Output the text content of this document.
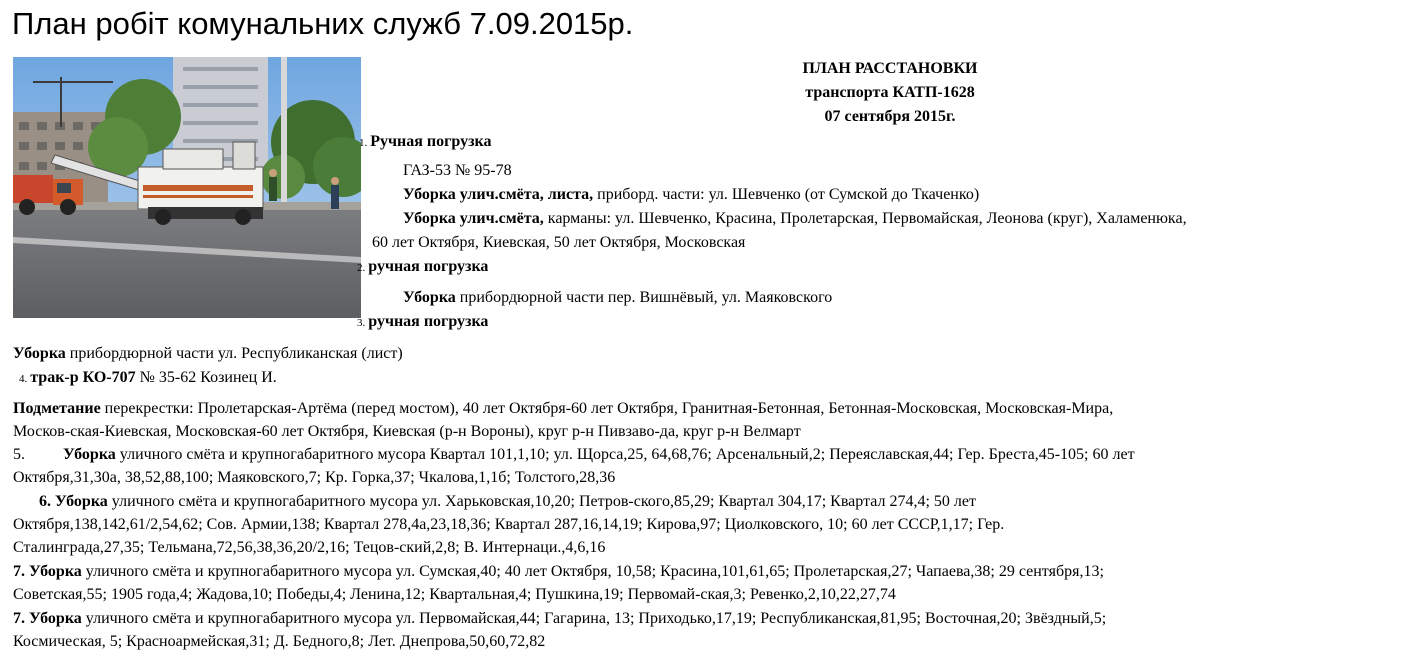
План робіт комунальних служб 7.09.2015р.
ПЛАН РАССТАНОВКИ
транспорта КАТП-1628
07 сентября 2015г.
1. Ручная погрузка
ГАЗ-53 № 95-78
Уборка улич.смёта, листа, приборд. части: ул. Шевченко (от Сумской до Ткаченко)
Уборка улич.смёта, карманы: ул. Шевченко, Красина, Пролетарская, Первомайская, Леонова (круг), Халаменюка,
60 лет Октября, Киевская, 50 лет Октября, Московская
2. ручная погрузка
Уборка прибордюрной части пер. Вишнёвый, ул. Маяковского
3. ручная погрузка
Уборка прибордюрной части ул. Республиканская (лист)
4. трак-р КО-707 № 35-62 Козинец И.
Подметание перекрестки: Пролетарская-Артёма (перед мостом), 40 лет Октября-60 лет Октября, Гранитная-Бетонная, Бетонная-Московская, Московская-Мира,
Москов-ская-Киевская, Московская-60 лет Октября, Киевская (р-н Вороны), круг р-н Пивзаво-да, круг р-н Велмарт
5. Уборка уличного смёта и крупногабаритного мусора Квартал 101,1,10; ул. Щорса,25, 64,68,76; Арсенальный,2; Переяславская,44; Гер. Бреста,45-105; 60 лет
Октября,31,30а, 38,52,88,100; Маяковского,7; Кр. Горка,37; Чкалова,1,1б; Толстого,28,36
6. Уборка уличного смёта и крупногабаритного мусора ул. Харьковская,10,20; Петров-ского,85,29; Квартал 304,17; Квартал 274,4; 50 лет
Октября,138,142,61/2,54,62; Сов. Армии,138; Квартал 278,4а,23,18,36; Квартал 287,16,14,19; Кирова,97; Циолковского, 10; 60 лет СССР,1,17; Гер.
Сталинграда,27,35; Тельмана,72,56,38,36,20/2,16; Тецов-ский,2,8; В. Интернаци.,4,6,16
7. Уборка уличного смёта и крупногабаритного мусора ул. Сумская,40; 40 лет Октября, 10,58; Красина,101,61,65; Пролетарская,27; Чапаева,38; 29 сентября,13;
Советская,55; 1905 года,4; Жадова,10; Победы,4; Ленина,12; Квартальная,4; Пушкина,19; Первомай-ская,3; Ревенко,2,10,22,27,74
7. Уборка уличного смёта и крупногабаритного мусора ул. Первомайская,44; Гагарина, 13; Приходько,17,19; Республиканская,81,95; Восточная,20; Звёздный,5;
Космическая, 5; Красноармейская,31; Д. Бедного,8; Лет. Днепрова,50,60,72,82
